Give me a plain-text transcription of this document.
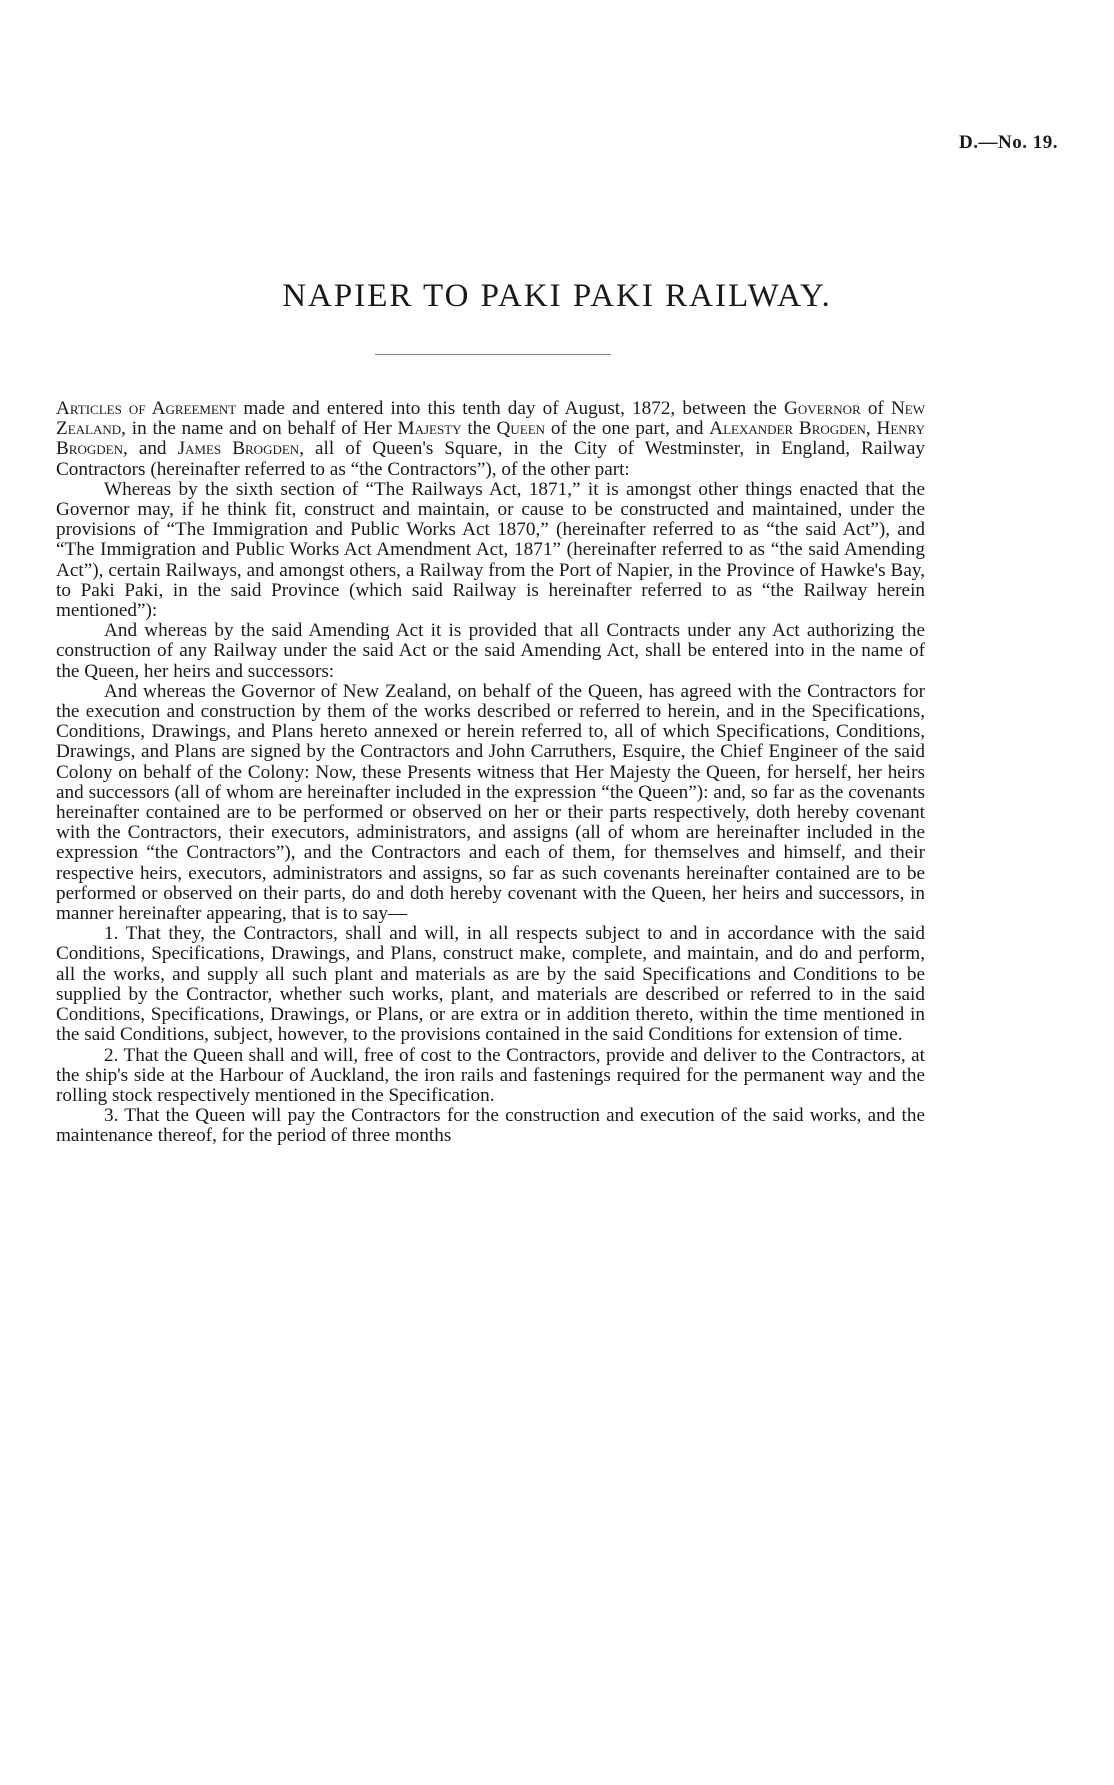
D.—No. 19.
NAPIER TO PAKI PAKI RAILWAY.

Articles of Agreement made and entered into this tenth day of August, 1872, between the Governor of New Zealand, in the name and on behalf of Her Majesty the Queen of the one part, and Alexander Brogden, Henry Brogden, and James Brogden, all of Queen's Square, in the City of Westminster, in England, Railway Contractors (hereinafter referred to as “the Contractors”), of the other part:

Whereas by the sixth section of “The Railways Act, 1871,” it is amongst other things enacted that the Governor may, if he think fit, construct and maintain, or cause to be constructed and maintained, under the provisions of “The Immigration and Public Works Act 1870,” (hereinafter referred to as “the said Act”), and “The Immigration and Public Works Act Amendment Act, 1871” (hereinafter referred to as “the said Amending Act”), certain Railways, and amongst others, a Railway from the Port of Napier, in the Province of Hawke's Bay, to Paki Paki, in the said Province (which said Railway is hereinafter referred to as “the Railway herein mentioned”):

And whereas by the said Amending Act it is provided that all Contracts under any Act authorizing the construction of any Railway under the said Act or the said Amending Act, shall be entered into in the name of the Queen, her heirs and successors:

And whereas the Governor of New Zealand, on behalf of the Queen, has agreed with the Contractors for the execution and construction by them of the works described or referred to herein, and in the Specifications, Conditions, Drawings, and Plans hereto annexed or herein referred to, all of which Specifications, Conditions, Drawings, and Plans are signed by the Contractors and John Carruthers, Esquire, the Chief Engineer of the said Colony on behalf of the Colony: Now, these Presents witness that Her Majesty the Queen, for herself, her heirs and successors (all of whom are hereinafter included in the expression “the Queen”): and, so far as the covenants hereinafter contained are to be performed or observed on her or their parts respectively, doth hereby covenant with the Contractors, their executors, administrators, and assigns (all of whom are hereinafter included in the expression “the Contractors”), and the Contractors and each of them, for themselves and himself, and their respective heirs, executors, administrators and assigns, so far as such covenants hereinafter contained are to be performed or observed on their parts, do and doth hereby covenant with the Queen, her heirs and successors, in manner hereinafter appearing, that is to say—

1. That they, the Contractors, shall and will, in all respects subject to and in accordance with the said Conditions, Specifications, Drawings, and Plans, construct make, complete, and maintain, and do and perform, all the works, and supply all such plant and materials as are by the said Specifications and Conditions to be supplied by the Contractor, whether such works, plant, and materials are described or referred to in the said Conditions, Specifications, Drawings, or Plans, or are extra or in addition thereto, within the time mentioned in the said Conditions, subject, however, to the provisions contained in the said Conditions for extension of time.

2. That the Queen shall and will, free of cost to the Contractors, provide and deliver to the Contractors, at the ship's side at the Harbour of Auckland, the iron rails and fastenings required for the permanent way and the rolling stock respectively mentioned in the Specification.

3. That the Queen will pay the Contractors for the construction and execution of the said works, and the maintenance thereof, for the period of three months
